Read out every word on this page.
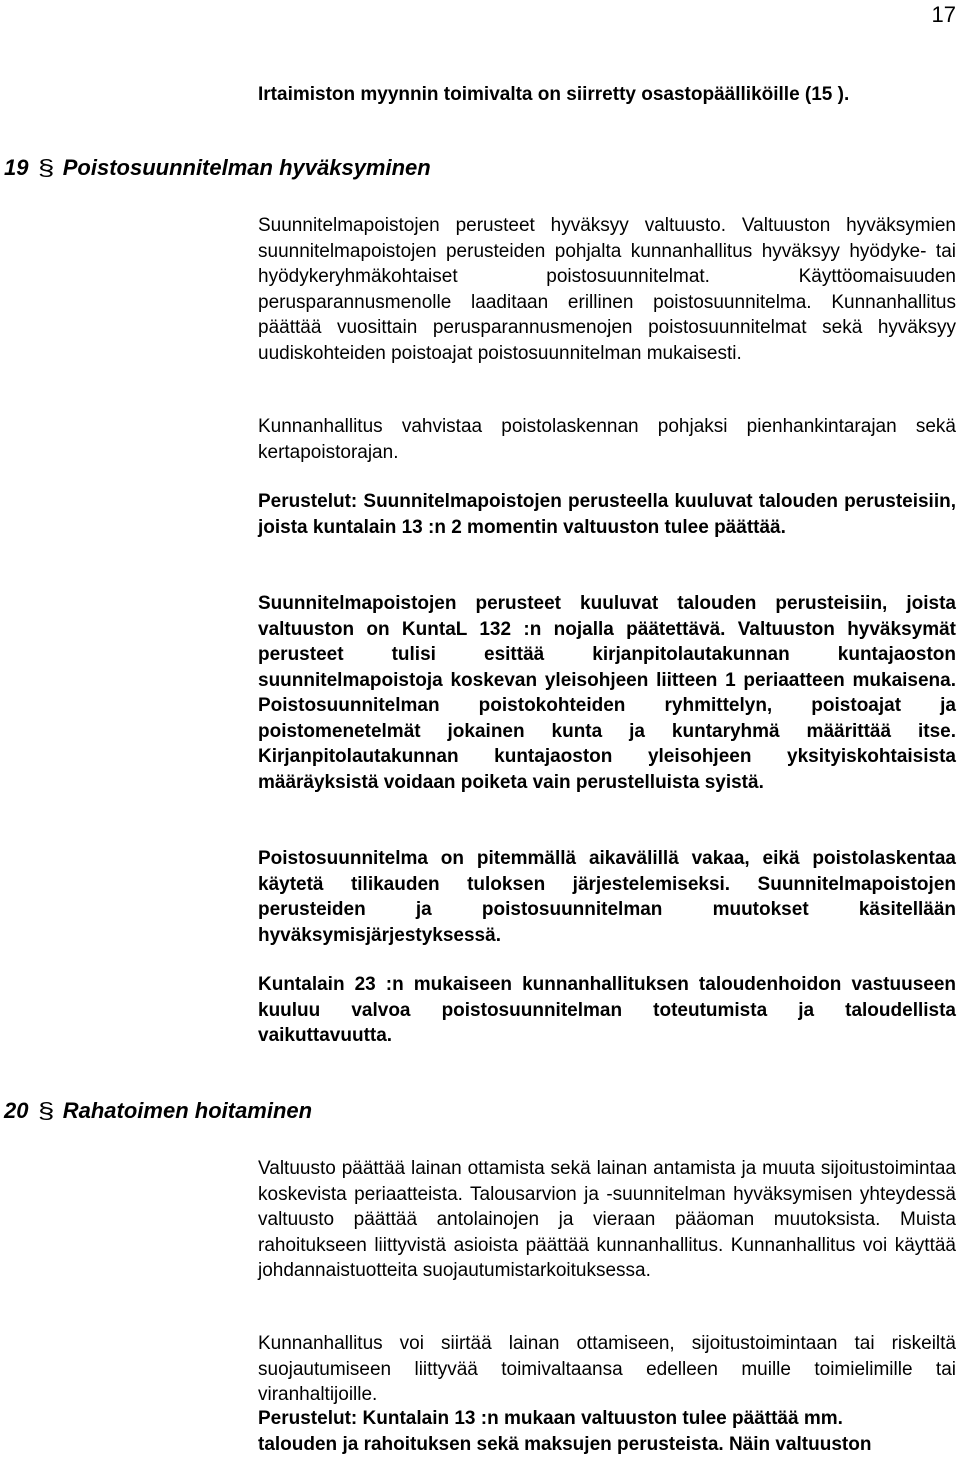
17

Irtaimiston myynnin toimivalta on siirretty osastopäälliköille (15 ).

19 § Poistosuunnitelman hyväksyminen

Suunnitelmapoistojen perusteet hyväksyy valtuusto. Valtuuston hyväksymien suunnitelmapoistojen perusteiden pohjalta kunnanhallitus hyväksyy hyödyke- tai hyödykeryhmäkohtaiset poistosuunnitelmat. Käyttöomaisuuden perusparannusmenolle laaditaan erillinen poistosuunnitelma. Kunnanhallitus päättää vuosittain perusparannusmenojen poistosuunnitelmat sekä hyväksyy uudiskohteiden poistoajat poistosuunnitelman mukaisesti.

Kunnanhallitus vahvistaa poistolaskennan pohjaksi pienhankintarajan sekä kertapoistorajan.

Perustelut: Suunnitelmapoistojen perusteella kuuluvat talouden perusteisiin, joista kuntalain 13 :n 2 momentin valtuuston tulee päättää.

Suunnitelmapoistojen perusteet kuuluvat talouden perusteisiin, joista valtuuston on KuntaL 132 :n nojalla päätettävä. Valtuuston hyväksymät perusteet tulisi esittää kirjanpitolautakunnan kuntajaoston suunnitelmapoistoja koskevan yleisohjeen liitteen 1 periaatteen mukaisena. Poistosuunnitelman poistokohteiden ryhmittelyn, poistoajat ja poistomenetelmät jokainen kunta ja kuntaryhmä määrittää itse. Kirjanpitolautakunnan kuntajaoston yleisohjeen yksityiskohtaisista määräyksistä voidaan poiketa vain perustelluista syistä.

Poistosuunnitelma on pitemmällä aikavälillä vakaa, eikä poistolaskentaa käytetä tilikauden tuloksen järjestelemiseksi. Suunnitelmapoistojen perusteiden ja poistosuunnitelman muutokset käsitellään hyväksymisjärjestyksessä.

Kuntalain 23 :n mukaiseen kunnanhallituksen taloudenhoidon vastuuseen kuuluu valvoa poistosuunnitelman toteutumista ja taloudellista vaikuttavuutta.

20 § Rahatoimen hoitaminen

Valtuusto päättää lainan ottamista sekä lainan antamista ja muuta sijoitustoimintaa koskevista periaatteista. Talousarvion ja -suunnitelman hyväksymisen yhteydessä valtuusto päättää antolainojen ja vieraan pääoman muutoksista. Muista rahoitukseen liittyvistä asioista päättää kunnanhallitus. Kunnanhallitus voi käyttää johdannaistuotteita suojautumistarkoituksessa.

Kunnanhallitus voi siirtää lainan ottamiseen, sijoitustoimintaan tai riskeiltä suojautumiseen liittyvää toimivaltaansa edelleen muille toimielimille tai viranhaltijoille.

Perustelut: Kuntalain 13 :n mukaan valtuuston tulee päättää mm.
talouden ja rahoituksen sekä maksujen perusteista. Näin valtuuston
